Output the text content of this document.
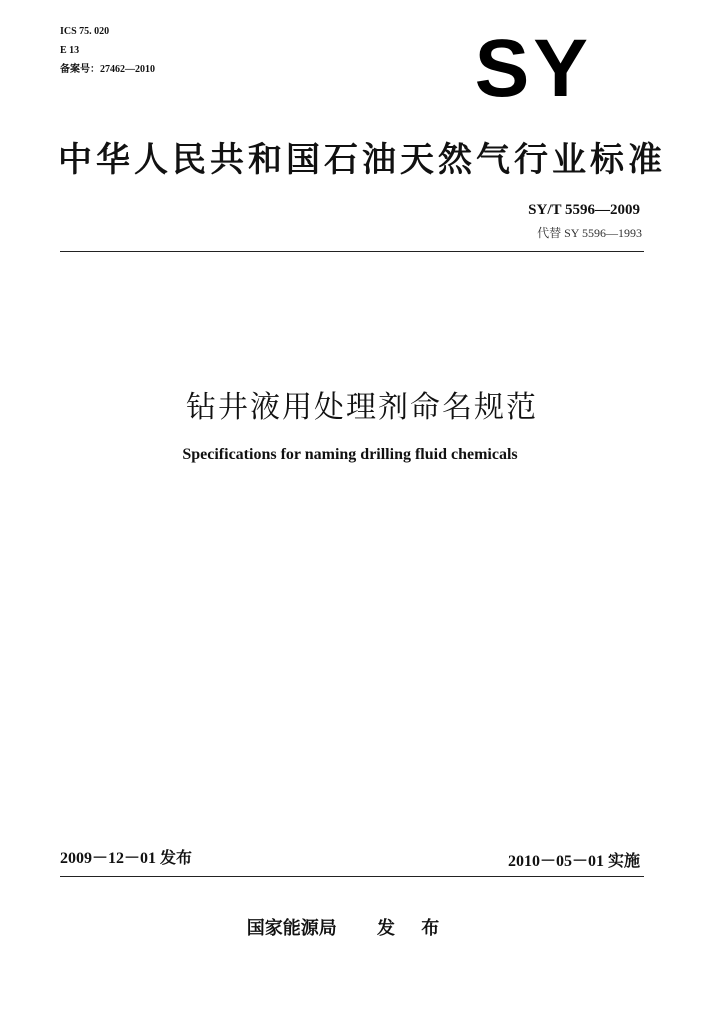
ICS 75. 020
E 13
备案号：27462—2010	SY
中华人民共和国石油天然气行业标准
SY/T 5596—2009
代替 SY 5596—1993
钻井液用处理剂命名规范
Specifications for naming drilling fluid chemicals
2009－12－01 发布	2010－05－01 实施
国家能源局 发 布
